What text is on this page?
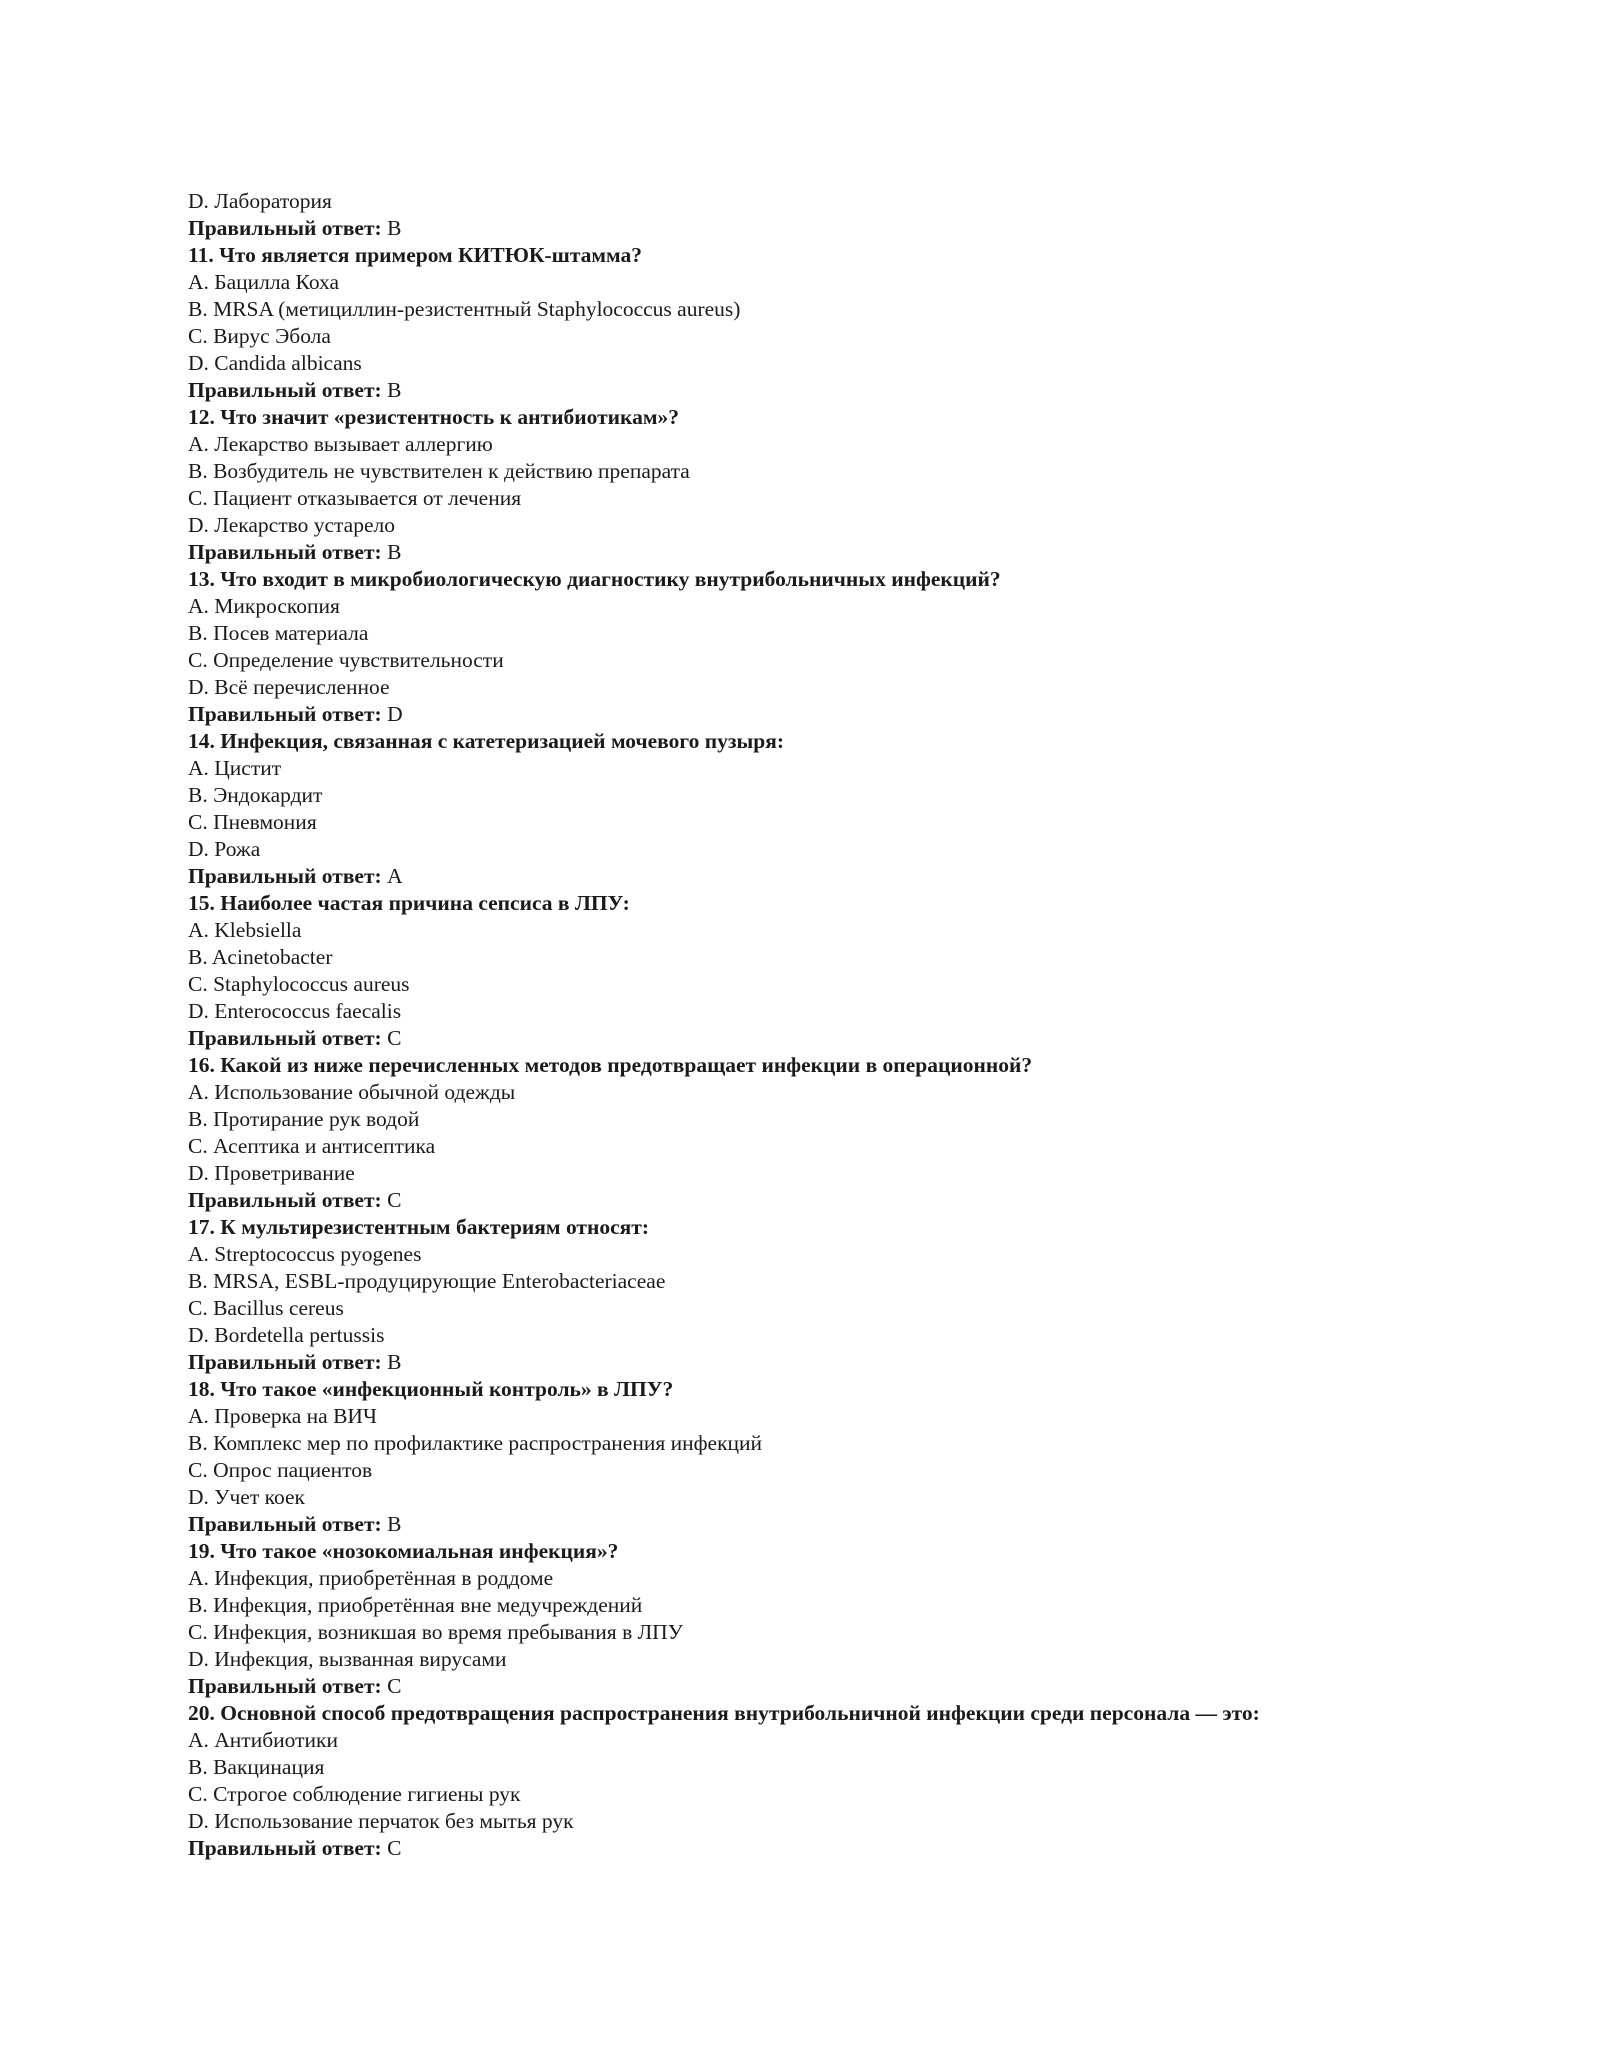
D. Лаборатория
Правильный ответ: B
11. Что является примером КИТЮК-штамма?
A. Бацилла Коха
B. MRSA (метициллин-резистентный Staphylococcus aureus)
C. Вирус Эбола
D. Candida albicans
Правильный ответ: B
12. Что значит «резистентность к антибиотикам»?
A. Лекарство вызывает аллергию
B. Возбудитель не чувствителен к действию препарата
C. Пациент отказывается от лечения
D. Лекарство устарело
Правильный ответ: B
13. Что входит в микробиологическую диагностику внутрибольничных инфекций?
A. Микроскопия
B. Посев материала
C. Определение чувствительности
D. Всё перечисленное
Правильный ответ: D
14. Инфекция, связанная с катетеризацией мочевого пузыря:
A. Цистит
B. Эндокардит
C. Пневмония
D. Рожа
Правильный ответ: A
15. Наиболее частая причина сепсиса в ЛПУ:
A. Klebsiella
B. Acinetobacter
C. Staphylococcus aureus
D. Enterococcus faecalis
Правильный ответ: C
16. Какой из ниже перечисленных методов предотвращает инфекции в операционной?
A. Использование обычной одежды
B. Протирание рук водой
C. Асептика и антисептика
D. Проветривание
Правильный ответ: C
17. К мультирезистентным бактериям относят:
A. Streptococcus pyogenes
B. MRSA, ESBL-продуцирующие Enterobacteriaceae
C. Bacillus cereus
D. Bordetella pertussis
Правильный ответ: B
18. Что такое «инфекционный контроль» в ЛПУ?
A. Проверка на ВИЧ
B. Комплекс мер по профилактике распространения инфекций
C. Опрос пациентов
D. Учет коек
Правильный ответ: B
19. Что такое «нозокомиальная инфекция»?
A. Инфекция, приобретённая в роддоме
B. Инфекция, приобретённая вне медучреждений
C. Инфекция, возникшая во время пребывания в ЛПУ
D. Инфекция, вызванная вирусами
Правильный ответ: C
20. Основной способ предотвращения распространения внутрибольничной инфекции среди персонала — это:
A. Антибиотики
B. Вакцинация
C. Строгое соблюдение гигиены рук
D. Использование перчаток без мытья рук
Правильный ответ: C
